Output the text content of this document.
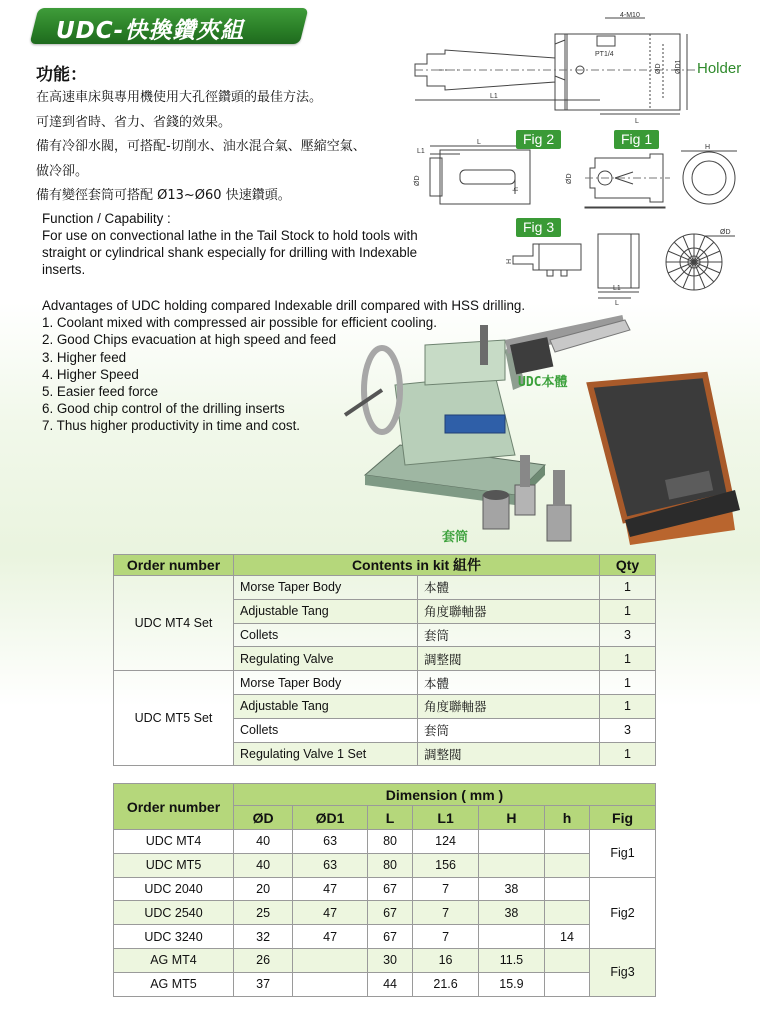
UDC-快換鑽夾組
功能：
在高速車床與專用機使用大孔徑鑽頭的最佳方法。
可達到省時、省力、省錢的效果。
備有冷卻水閥，可搭配-切削水、油水混合氣、壓縮空氣、
做冷卻。
備有變徑套筒可搭配 Ø13~Ø60 快速鑽頭。
Function / Capability :
For use on convectional lathe in the Tail Stock to hold tools with
straight or cylindrical shank especially for drilling with Indexable
inserts.
Advantages of UDC holding compared Indexable drill compared with HSS drilling.
1. Coolant mixed with compressed air possible for efficient cooling.
2. Good Chips evacuation at high speed and feed
3. Higher feed
4. Higher Speed
5. Easier feed force
6. Good chip control of the drilling inserts
7. Thus higher productivity in time and cost.
4-M10
PT1/4
L1
L
ØD ØD1
L
L1
ØD
h
ØD
H
H
L1
L
ØD
Holder
Fig 2	Fig 1
Fig 3
UDC本體
套筒
Order number	Contents in kit 組件		Qty
UDC MT4 Set	Morse Taper Body	本體	1
	Adjustable Tang	角度聯軸器	1
	Collets	套筒	3
	Regulating Valve	調整閥	1
UDC MT5 Set	Morse Taper Body	本體	1
	Adjustable Tang	角度聯軸器	1
	Collets	套筒	3
	Regulating Valve 1 Set	調整閥	1
Order number	Dimension ( mm )						
	ØD	ØD1	L	L1	H	h	Fig
UDC MT4	40	63	80	124			Fig1
UDC MT5	40	63	80	156			
UDC 2040	20	47	67	7	38		Fig2
UDC 2540	25	47	67	7	38		
UDC 3240	32	47	67	7		14	
AG MT4	26		30	16	11.5		Fig3
AG MT5	37		44	21.6	15.9		
